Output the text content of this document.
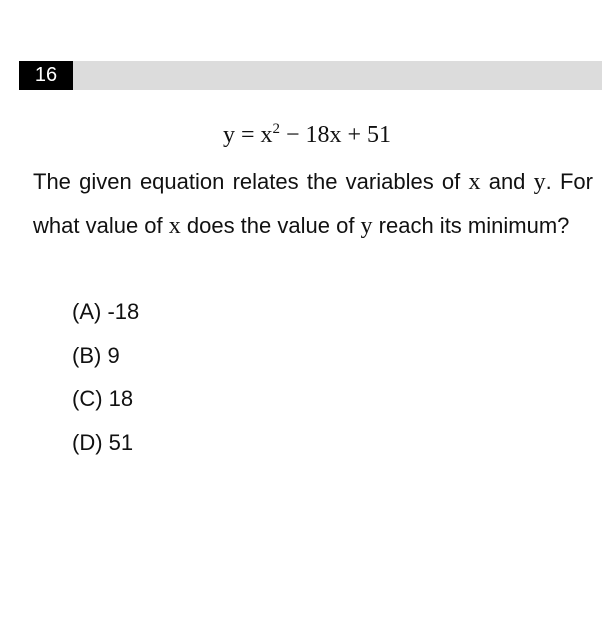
16
$y = x^2 - 18x + 51$

The given equation relates the variables of x and y. For what value of x does the value of y reach its minimum?

(A) -18
(B) 9
(C) 18
(D) 51
